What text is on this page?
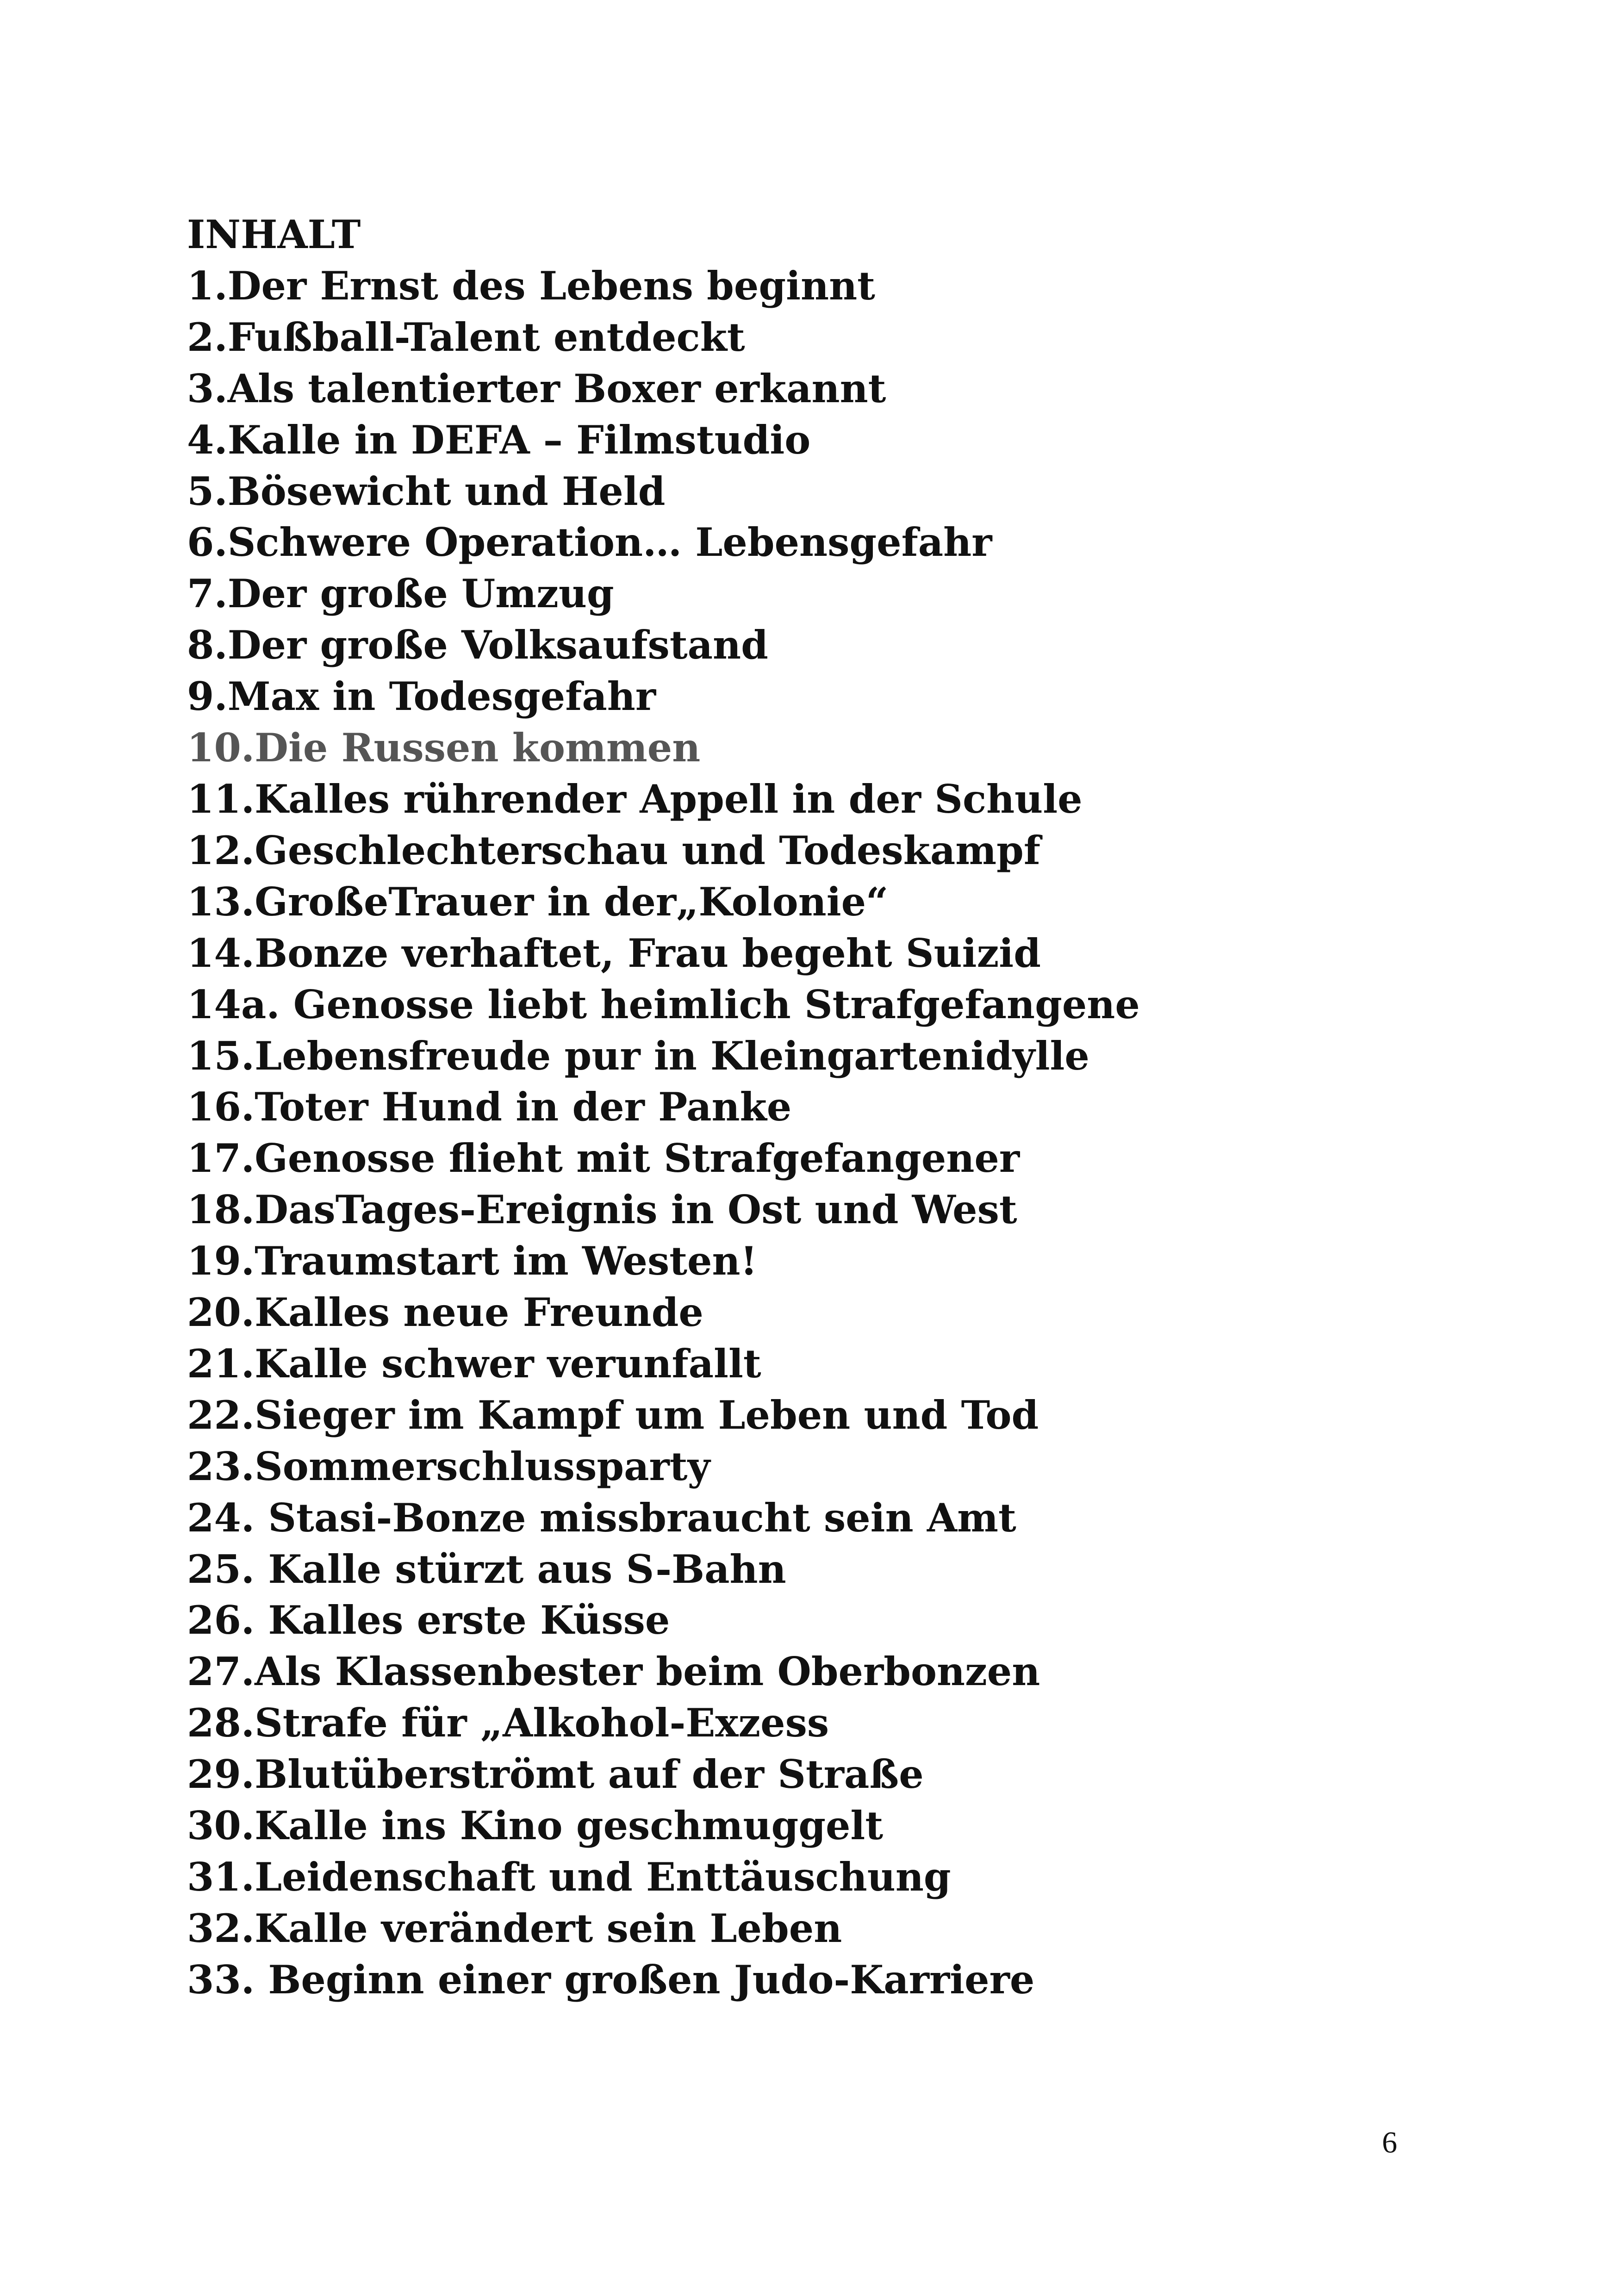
INHALT
1.Der Ernst des Lebens beginnt
2.Fußball-Talent entdeckt
3.Als talentierter Boxer erkannt
4.Kalle in DEFA – Filmstudio
5.Bösewicht und Held
6.Schwere Operation… Lebensgefahr
7.Der große Umzug
8.Der große Volksaufstand
9.Max in Todesgefahr
10.Die Russen kommen
11.Kalles rührender Appell in der Schule
12.Geschlechterschau und Todeskampf
13.GroßeTrauer in der„Kolonie“
14.Bonze verhaftet, Frau begeht Suizid
14a. Genosse liebt heimlich Strafgefangene
15.Lebensfreude pur in Kleingartenidylle
16.Toter Hund in der Panke
17.Genosse flieht mit Strafgefangener
18.DasTages-Ereignis in Ost und West
19.Traumstart im Westen!
20.Kalles neue Freunde
21.Kalle schwer verunfallt
22.Sieger im Kampf um Leben und Tod
23.Sommerschlussparty
24. Stasi-Bonze missbraucht sein Amt
25. Kalle stürzt aus S-Bahn
26. Kalles erste Küsse
27.Als Klassenbester beim Oberbonzen
28.Strafe für „Alkohol-Exzess
29.Blutüberströmt auf der Straße
30.Kalle ins Kino geschmuggelt
31.Leidenschaft und Enttäuschung
32.Kalle verändert sein Leben
33. Beginn einer großen Judo-Karriere
6
